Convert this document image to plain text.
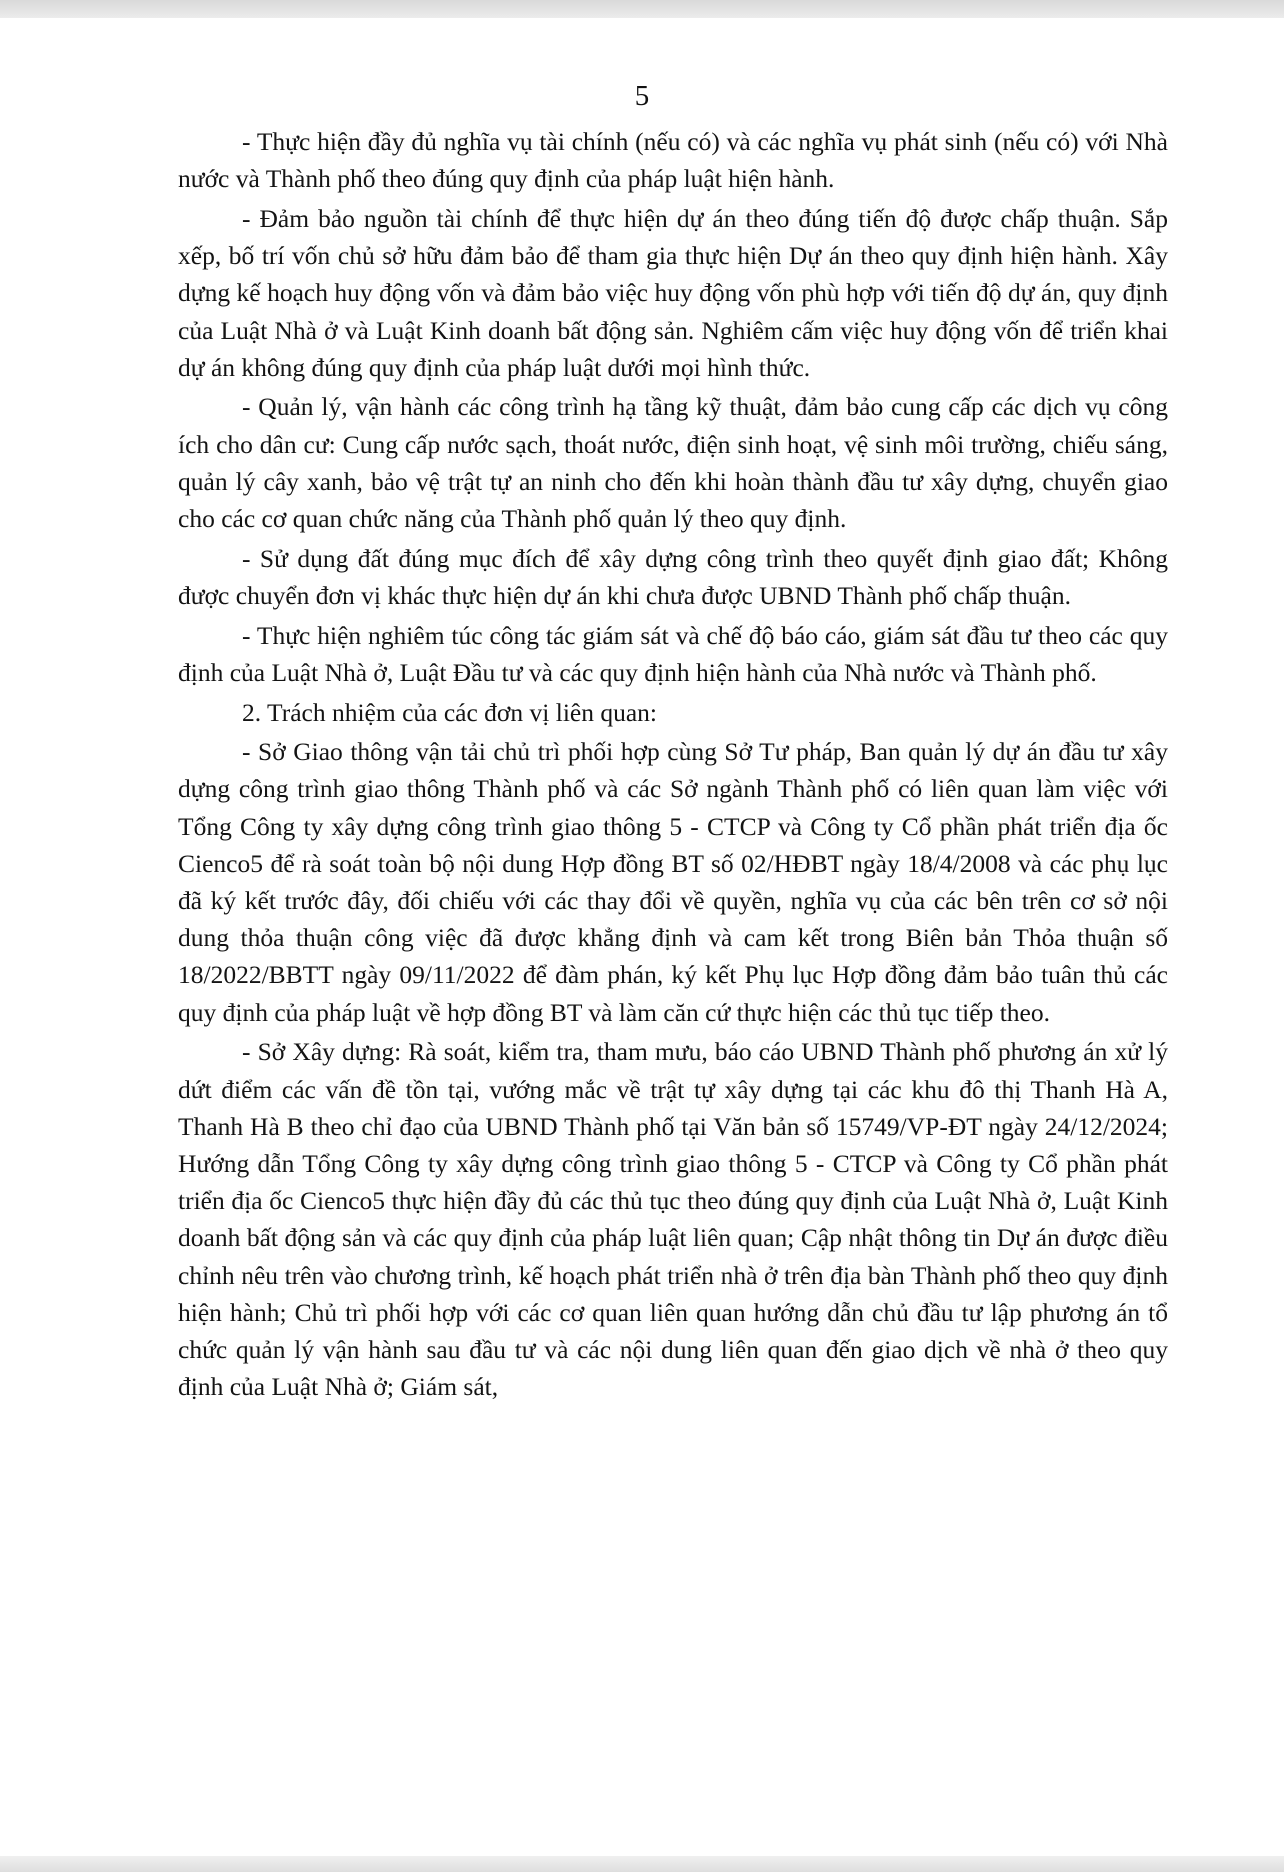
5

- Thực hiện đầy đủ nghĩa vụ tài chính (nếu có) và các nghĩa vụ phát sinh (nếu có) với Nhà nước và Thành phố theo đúng quy định của pháp luật hiện hành.

- Đảm bảo nguồn tài chính để thực hiện dự án theo đúng tiến độ được chấp thuận. Sắp xếp, bố trí vốn chủ sở hữu đảm bảo để tham gia thực hiện Dự án theo quy định hiện hành. Xây dựng kế hoạch huy động vốn và đảm bảo việc huy động vốn phù hợp với tiến độ dự án, quy định của Luật Nhà ở và Luật Kinh doanh bất động sản. Nghiêm cấm việc huy động vốn để triển khai dự án không đúng quy định của pháp luật dưới mọi hình thức.

- Quản lý, vận hành các công trình hạ tầng kỹ thuật, đảm bảo cung cấp các dịch vụ công ích cho dân cư: Cung cấp nước sạch, thoát nước, điện sinh hoạt, vệ sinh môi trường, chiếu sáng, quản lý cây xanh, bảo vệ trật tự an ninh cho đến khi hoàn thành đầu tư xây dựng, chuyển giao cho các cơ quan chức năng của Thành phố quản lý theo quy định.

- Sử dụng đất đúng mục đích để xây dựng công trình theo quyết định giao đất; Không được chuyển đơn vị khác thực hiện dự án khi chưa được UBND Thành phố chấp thuận.

- Thực hiện nghiêm túc công tác giám sát và chế độ báo cáo, giám sát đầu tư theo các quy định của Luật Nhà ở, Luật Đầu tư và các quy định hiện hành của Nhà nước và Thành phố.

2. Trách nhiệm của các đơn vị liên quan:

- Sở Giao thông vận tải chủ trì phối hợp cùng Sở Tư pháp, Ban quản lý dự án đầu tư xây dựng công trình giao thông Thành phố và các Sở ngành Thành phố có liên quan làm việc với Tổng Công ty xây dựng công trình giao thông 5 - CTCP và Công ty Cổ phần phát triển địa ốc Cienco5 để rà soát toàn bộ nội dung Hợp đồng BT số 02/HĐBT ngày 18/4/2008 và các phụ lục đã ký kết trước đây, đối chiếu với các thay đổi về quyền, nghĩa vụ của các bên trên cơ sở nội dung thỏa thuận công việc đã được khẳng định và cam kết trong Biên bản Thỏa thuận số 18/2022/BBTT ngày 09/11/2022 để đàm phán, ký kết Phụ lục Hợp đồng đảm bảo tuân thủ các quy định của pháp luật về hợp đồng BT và làm căn cứ thực hiện các thủ tục tiếp theo.

- Sở Xây dựng: Rà soát, kiểm tra, tham mưu, báo cáo UBND Thành phố phương án xử lý dứt điểm các vấn đề tồn tại, vướng mắc về trật tự xây dựng tại các khu đô thị Thanh Hà A, Thanh Hà B theo chỉ đạo của UBND Thành phố tại Văn bản số 15749/VP-ĐT ngày 24/12/2024; Hướng dẫn Tổng Công ty xây dựng công trình giao thông 5 - CTCP và Công ty Cổ phần phát triển địa ốc Cienco5 thực hiện đầy đủ các thủ tục theo đúng quy định của Luật Nhà ở, Luật Kinh doanh bất động sản và các quy định của pháp luật liên quan; Cập nhật thông tin Dự án được điều chỉnh nêu trên vào chương trình, kế hoạch phát triển nhà ở trên địa bàn Thành phố theo quy định hiện hành; Chủ trì phối hợp với các cơ quan liên quan hướng dẫn chủ đầu tư lập phương án tổ chức quản lý vận hành sau đầu tư và các nội dung liên quan đến giao dịch về nhà ở theo quy định của Luật Nhà ở; Giám sát,
